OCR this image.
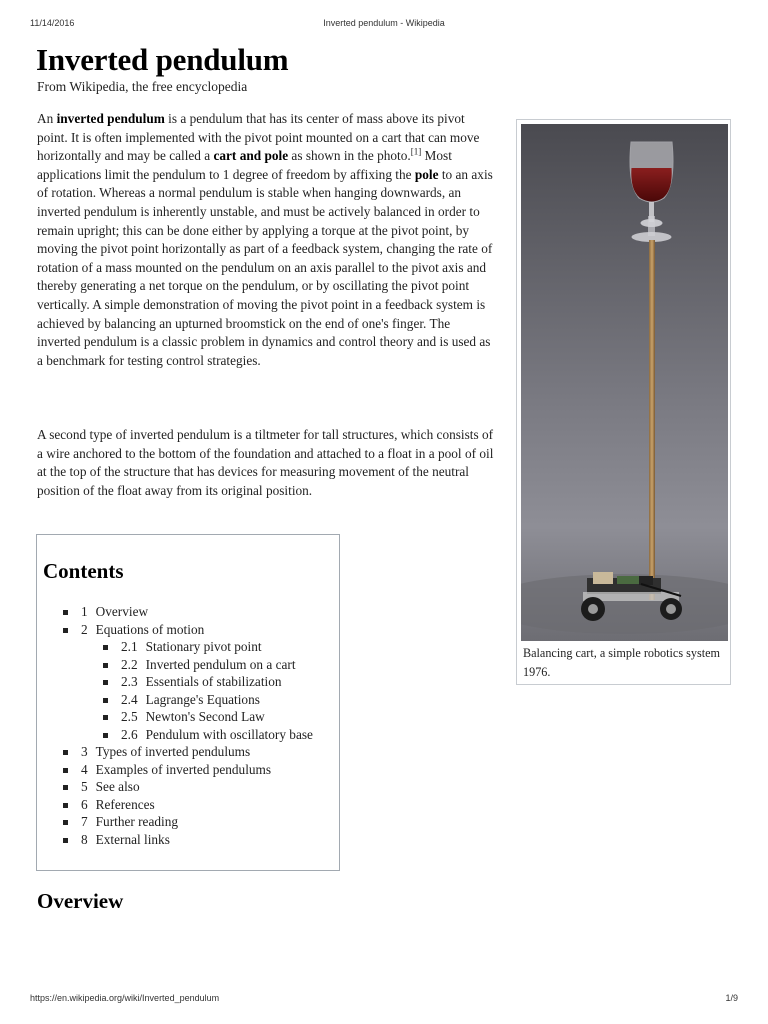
11/14/2016	Inverted pendulum - Wikipedia
Inverted pendulum
From Wikipedia, the free encyclopedia

An inverted pendulum is a pendulum that has its center of mass above its pivot point. It is often implemented with the pivot point mounted on a cart that can move horizontally and may be called a cart and pole as shown in the photo.[1] Most applications limit the pendulum to 1 degree of freedom by affixing the pole to an axis of rotation. Whereas a normal pendulum is stable when hanging downwards, an inverted pendulum is inherently unstable, and must be actively balanced in order to remain upright; this can be done either by applying a torque at the pivot point, by moving the pivot point horizontally as part of a feedback system, changing the rate of rotation of a mass mounted on the pendulum on an axis parallel to the pivot axis and thereby generating a net torque on the pendulum, or by oscillating the pivot point vertically. A simple demonstration of moving the pivot point in a feedback system is achieved by balancing an upturned broomstick on the end of one's finger. The inverted pendulum is a classic problem in dynamics and control theory and is used as a benchmark for testing control strategies.

A second type of inverted pendulum is a tiltmeter for tall structures, which consists of a wire anchored to the bottom of the foundation and attached to a float in a pool of oil at the top of the structure that has devices for measuring movement of the neutral position of the float away from its original position.

Balancing cart, a simple robotics system 1976.
Contents
1 Overview
2 Equations of motion
2.1 Stationary pivot point
2.2 Inverted pendulum on a cart
2.3 Essentials of stabilization
2.4 Lagrange's Equations
2.5 Newton's Second Law
2.6 Pendulum with oscillatory base
3 Types of inverted pendulums
4 Examples of inverted pendulums
5 See also
6 References
7 Further reading
8 External links
Overview
https://en.wikipedia.org/wiki/Inverted_pendulum	1/9
